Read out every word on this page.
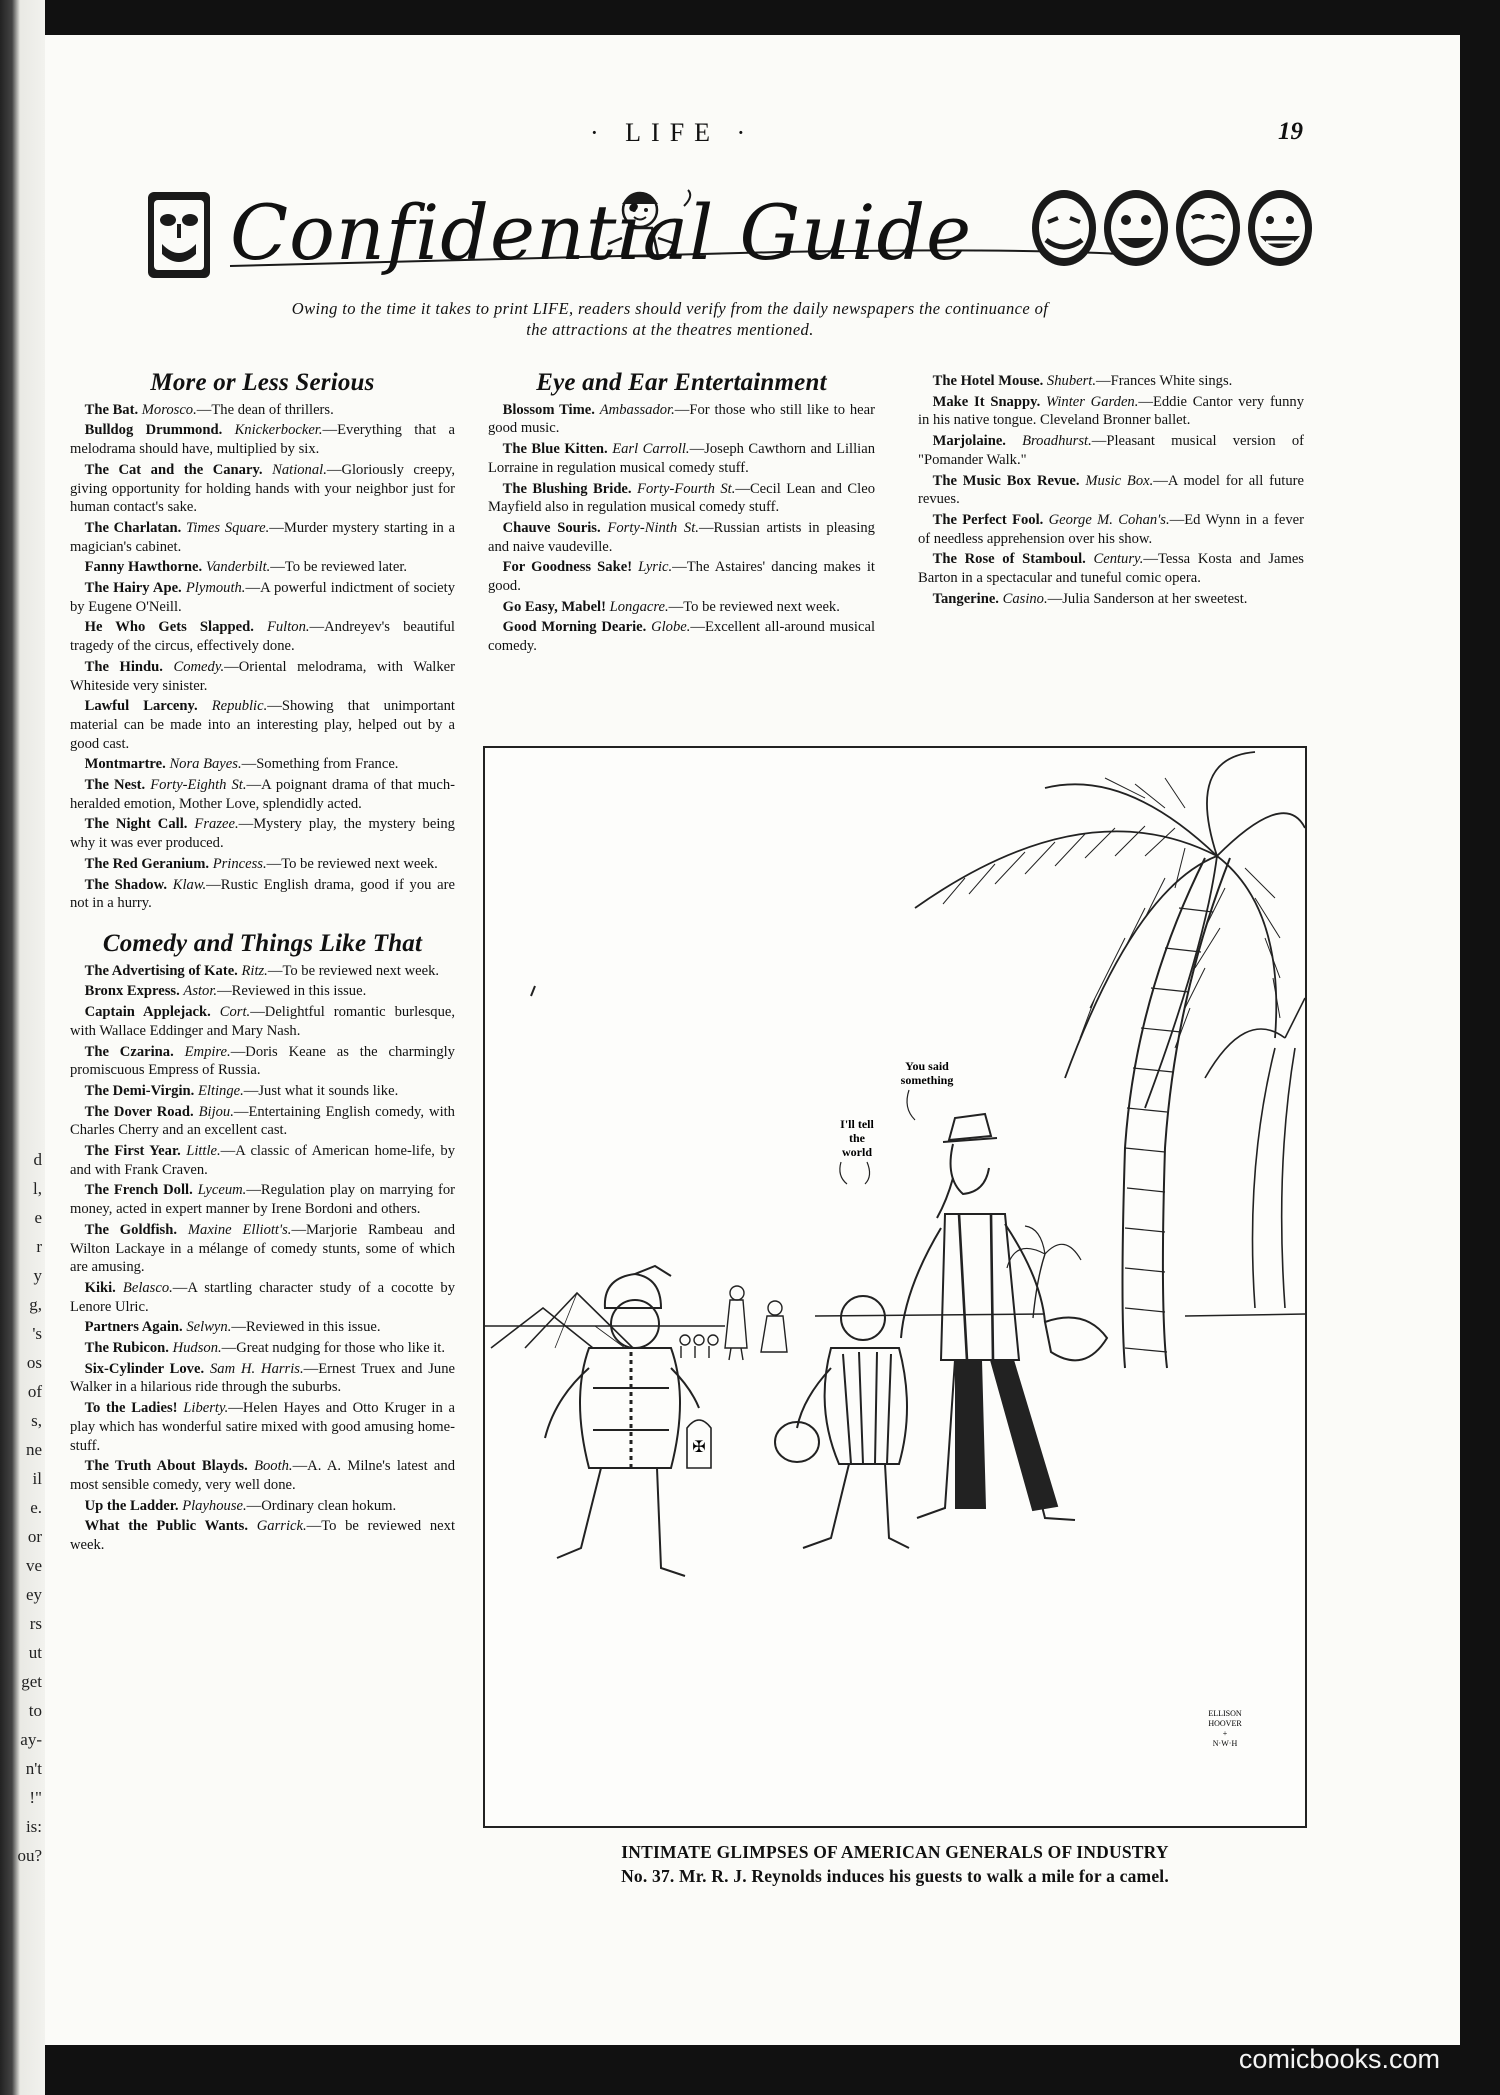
d
l,
e
r
y
g,
's
os
of
s,
ne
il
e.
or
ve
ey
rs
ut
get
to
ay-
n't
!"
is:
ou?
· LIFE ·	19
Confidential Guide
Owing to the time it takes to print LIFE, readers should verify from the daily newspapers the continuance of the attractions at the theatres mentioned.
More or Less Serious
The Bat. Morosco.—The dean of thrillers.
Bulldog Drummond. Knickerbocker.—Everything that a melodrama should have, multiplied by six.
The Cat and the Canary. National.—Gloriously creepy, giving opportunity for holding hands with your neighbor just for human contact's sake.
The Charlatan. Times Square.—Murder mystery starting in a magician's cabinet.
Fanny Hawthorne. Vanderbilt.—To be reviewed later.
The Hairy Ape. Plymouth.—A powerful indictment of society by Eugene O'Neill.
He Who Gets Slapped. Fulton.—Andreyev's beautiful tragedy of the circus, effectively done.
The Hindu. Comedy.—Oriental melodrama, with Walker Whiteside very sinister.
Lawful Larceny. Republic.—Showing that unimportant material can be made into an interesting play, helped out by a good cast.
Montmartre. Nora Bayes.—Something from France.
The Nest. Forty-Eighth St.—A poignant drama of that much-heralded emotion, Mother Love, splendidly acted.
The Night Call. Frazee.—Mystery play, the mystery being why it was ever produced.
The Red Geranium. Princess.—To be reviewed next week.
The Shadow. Klaw.—Rustic English drama, good if you are not in a hurry.
Comedy and Things Like That
The Advertising of Kate. Ritz.—To be reviewed next week.
Bronx Express. Astor.—Reviewed in this issue.
Captain Applejack. Cort.—Delightful romantic burlesque, with Wallace Eddinger and Mary Nash.
The Czarina. Empire.—Doris Keane as the charmingly promiscuous Empress of Russia.
The Demi-Virgin. Eltinge.—Just what it sounds like.
The Dover Road. Bijou.—Entertaining English comedy, with Charles Cherry and an excellent cast.
The First Year. Little.—A classic of American home-life, by and with Frank Craven.
The French Doll. Lyceum.—Regulation play on marrying for money, acted in expert manner by Irene Bordoni and others.
The Goldfish. Maxine Elliott's.—Marjorie Rambeau and Wilton Lackaye in a mélange of comedy stunts, some of which are amusing.
Kiki. Belasco.—A startling character study of a cocotte by Lenore Ulric.
Partners Again. Selwyn.—Reviewed in this issue.
The Rubicon. Hudson.—Great nudging for those who like it.
Six-Cylinder Love. Sam H. Harris.—Ernest Truex and June Walker in a hilarious ride through the suburbs.
To the Ladies! Liberty.—Helen Hayes and Otto Kruger in a play which has wonderful satire mixed with good amusing home-stuff.
The Truth About Blayds. Booth.—A. A. Milne's latest and most sensible comedy, very well done.
Up the Ladder. Playhouse.—Ordinary clean hokum.
What the Public Wants. Garrick.—To be reviewed next week.
Eye and Ear Entertainment
Blossom Time. Ambassador.—For those who still like to hear good music.
The Blue Kitten. Earl Carroll.—Joseph Cawthorn and Lillian Lorraine in regulation musical comedy stuff.
The Blushing Bride. Forty-Fourth St.—Cecil Lean and Cleo Mayfield also in regulation musical comedy stuff.
Chauve Souris. Forty-Ninth St.—Russian artists in pleasing and naive vaudeville.
For Goodness Sake! Lyric.—The Astaires' dancing makes it good.
Go Easy, Mabel! Longacre.—To be reviewed next week.
Good Morning Dearie. Globe.—Excellent all-around musical comedy.
The Hotel Mouse. Shubert.—Frances White sings.
Make It Snappy. Winter Garden.—Eddie Cantor very funny in his native tongue. Cleveland Bronner ballet.
Marjolaine. Broadhurst.—Pleasant musical version of "Pomander Walk."
The Music Box Revue. Music Box.—A model for all future revues.
The Perfect Fool. George M. Cohan's.—Ed Wynn in a fever of needless apprehension over his show.
The Rose of Stamboul. Century.—Tessa Kosta and James Barton in a spectacular and tuneful comic opera.
Tangerine. Casino.—Julia Sanderson at her sweetest.
✠
You said
something
I'll tell
the
world
ELLISON
HOOVER
+
N·W·H
INTIMATE GLIMPSES OF AMERICAN GENERALS OF INDUSTRY
No. 37. Mr. R. J. Reynolds induces his guests to walk a mile for a camel.
comicbooks.com
